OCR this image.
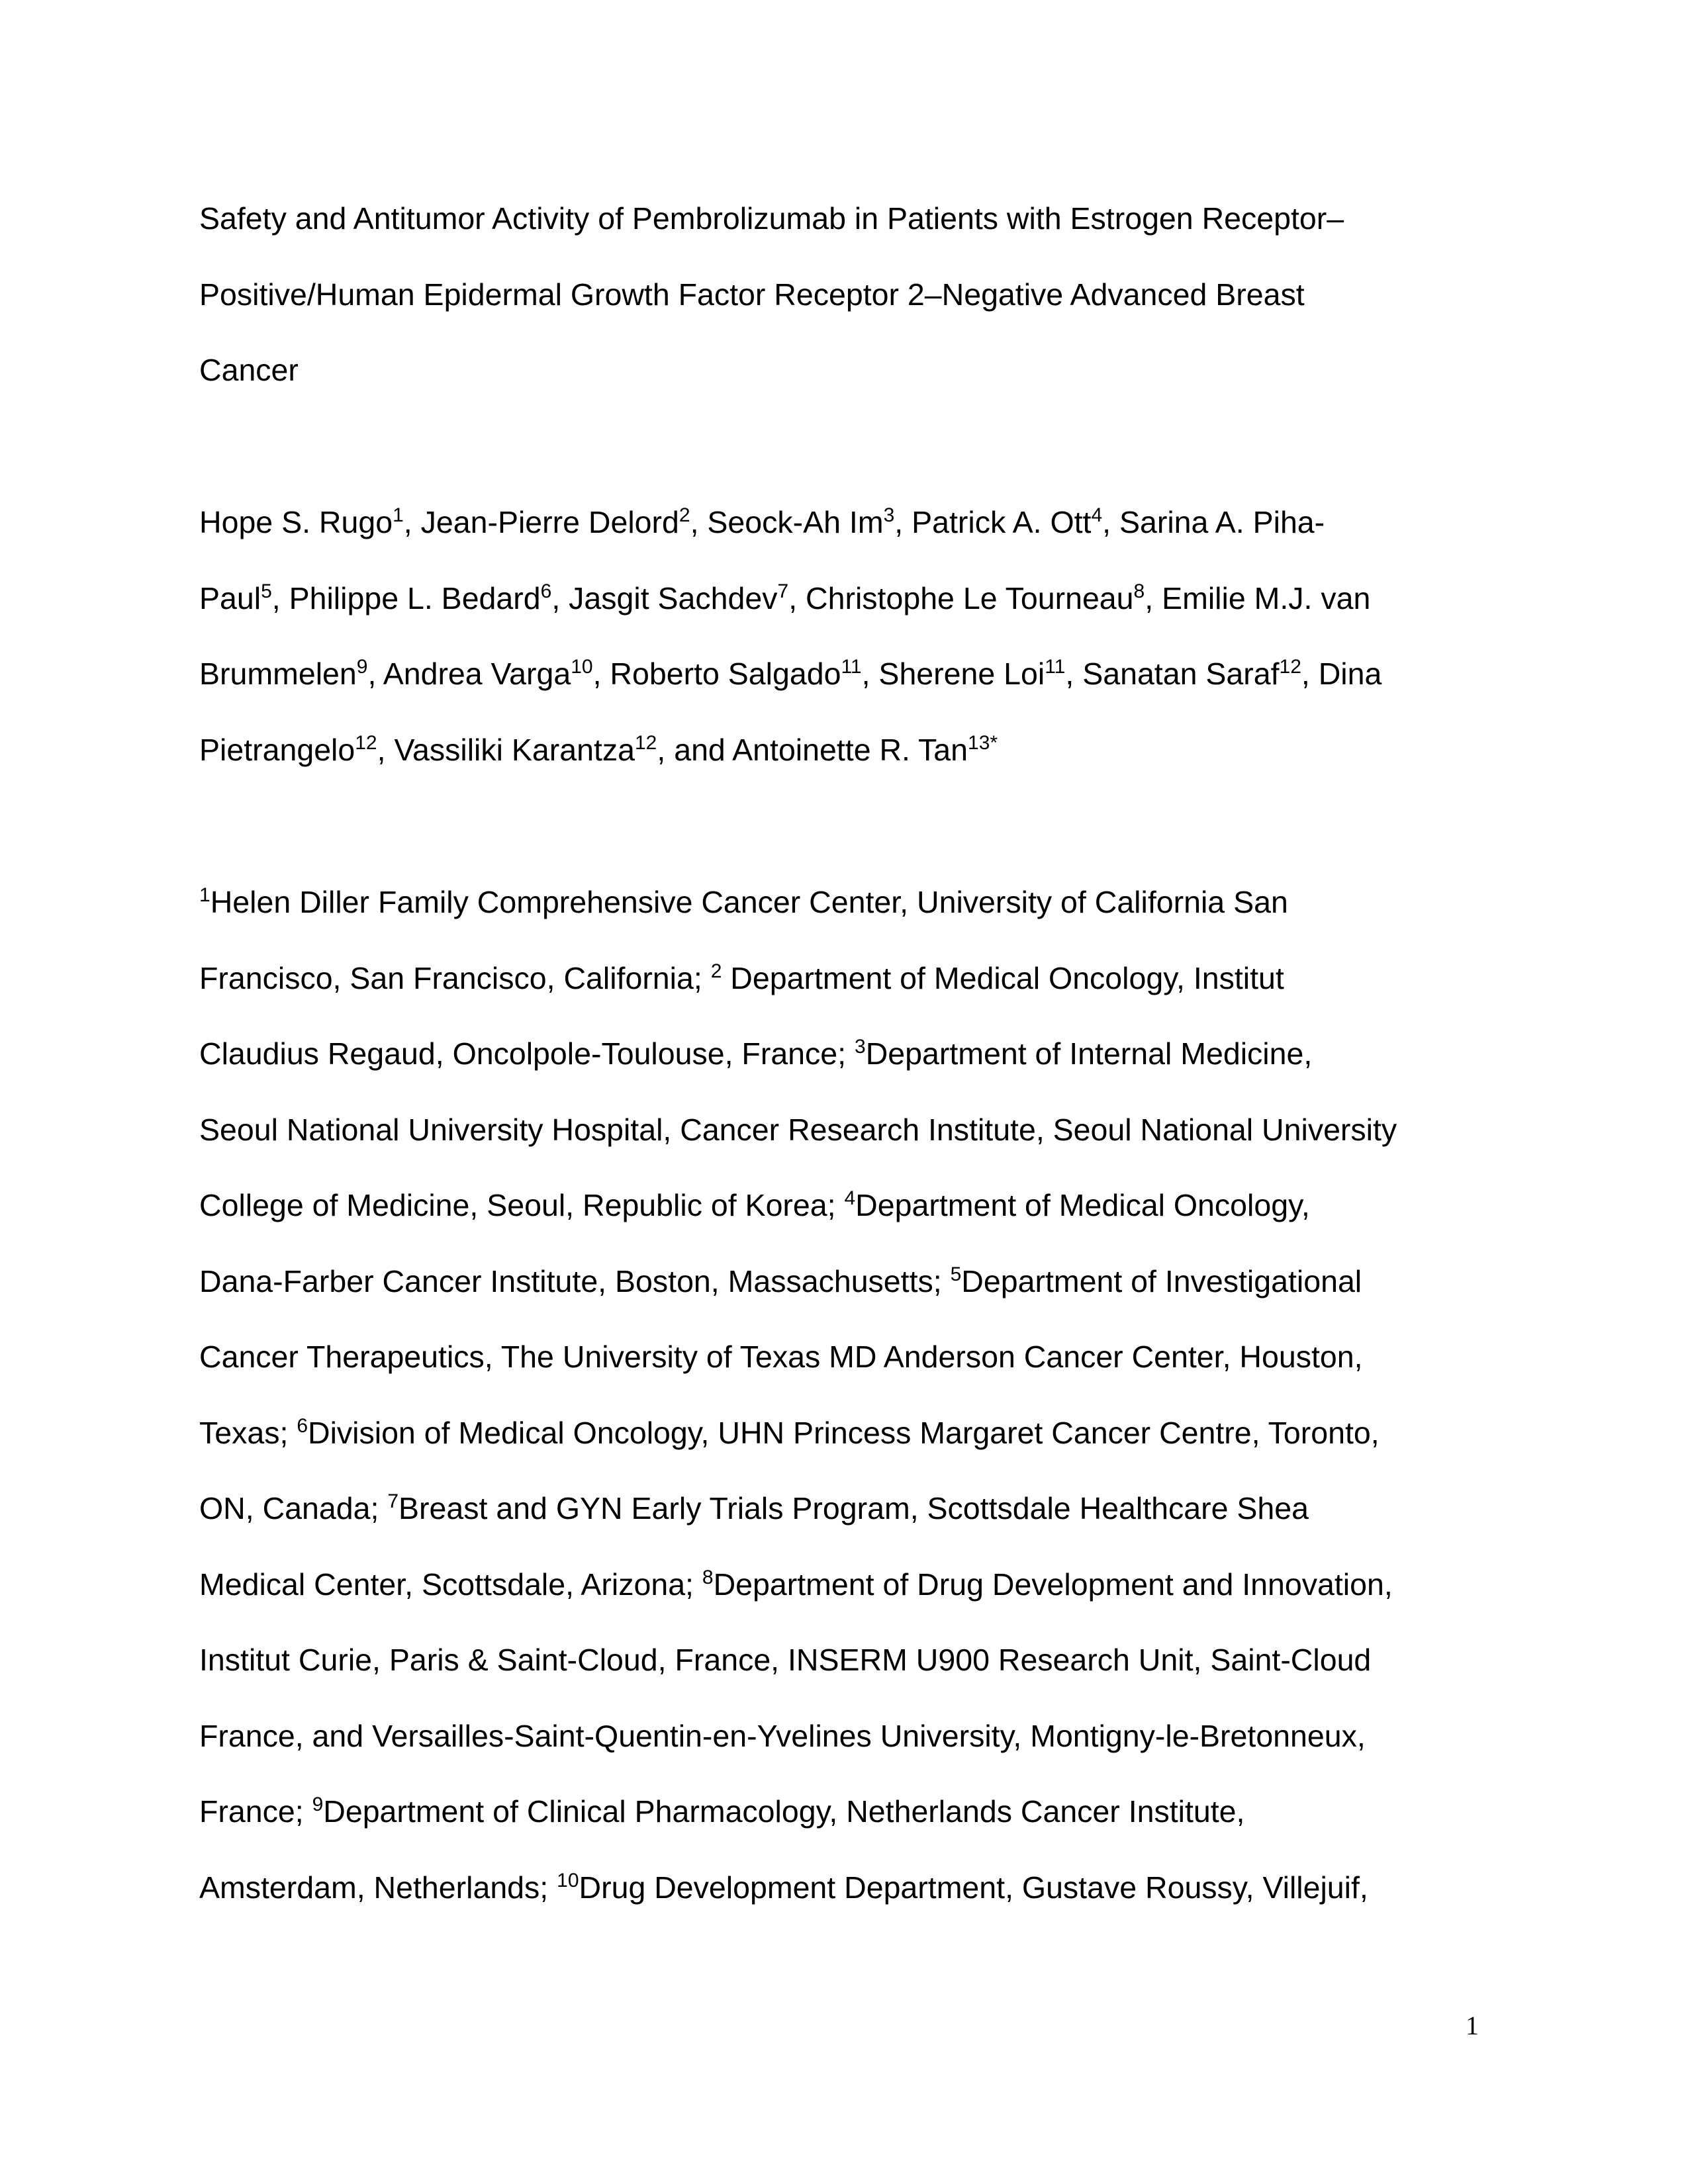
Safety and Antitumor Activity of Pembrolizumab in Patients with Estrogen Receptor–
Positive/Human Epidermal Growth Factor Receptor 2–Negative Advanced Breast
Cancer
Hope S. Rugo$^1$, Jean-Pierre Delord$^2$, Seock-Ah Im$^3$, Patrick A. Ott$^4$, Sarina A. Piha-
Paul$^5$, Philippe L. Bedard$^6$, Jasgit Sachdev$^7$, Christophe Le Tourneau$^8$, Emilie M.J. van
Brummelen$^9$, Andrea Varga$^{10}$, Roberto Salgado$^{11}$, Sherene Loi$^{11}$, Sanatan Saraf$^{12}$, Dina
Pietrangelo$^{12}$, Vassiliki Karantza$^{12}$, and Antoinette R. Tan$^{13*}$
$^1$Helen Diller Family Comprehensive Cancer Center, University of California San
Francisco, San Francisco, California; $^2$ Department of Medical Oncology, Institut
Claudius Regaud, Oncolpole-Toulouse, France; $^3$Department of Internal Medicine,
Seoul National University Hospital, Cancer Research Institute, Seoul National University
College of Medicine, Seoul, Republic of Korea; $^4$Department of Medical Oncology,
Dana-Farber Cancer Institute, Boston, Massachusetts; $^5$Department of Investigational
Cancer Therapeutics, The University of Texas MD Anderson Cancer Center, Houston,
Texas; $^6$Division of Medical Oncology, UHN Princess Margaret Cancer Centre, Toronto,
ON, Canada; $^7$Breast and GYN Early Trials Program, Scottsdale Healthcare Shea
Medical Center, Scottsdale, Arizona; $^8$Department of Drug Development and Innovation,
Institut Curie, Paris & Saint-Cloud, France, INSERM U900 Research Unit, Saint-Cloud
France, and Versailles-Saint-Quentin-en-Yvelines University, Montigny-le-Bretonneux,
France; $^9$Department of Clinical Pharmacology, Netherlands Cancer Institute,
Amsterdam, Netherlands; $^{10}$Drug Development Department, Gustave Roussy, Villejuif,
1
